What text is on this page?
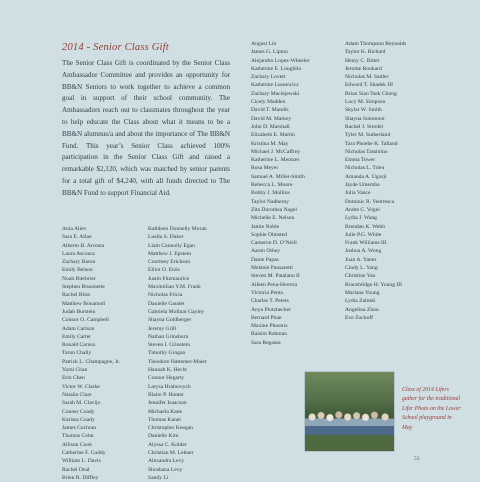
2014 - Senior Class Gift

The Senior Class Gift is coordinated by the Senior Class Ambassador Committee and provides an opportunity for BB&N Seniors to work together to achieve a common goal in support of their school community. The Ambassadors reach out to classmates throughout the year to help educate the Class about what it means to be a BB&N alumnus/a and about the importance of The BB&N Fund. This year’s Senior Class achieved 100% participation in the Senior Class Gift and raised a remarkable $2,120, which was matched by senior parents for a total gift of $4,240, with all funds directed to The BB&N Fund to support Financial Aid.

Ania Aliev
Sara E. Allan
Alberto B. Arcosta
Laura Ascoura
Zachary Baron
Emily Belson
Noah Bierbrier
Stephen Bissonette
Rachel Bliss
Matthew Bonamoli
Judah Burstein
Connor O. Campbell
Adam Carlson
Emily Carter
Ronald Caruso
Tarun Chally
Patrick L. Champagne, Jr.
Yumi Chan
Erin Chen
Victor W. Clarke
Natalia Clare
Sarah M. Clavijo
Conner Coady
Karissa Coady
James Cochran
Thomas Cohn
Allison Cook
Catherine F. Cuddy
William L. Davis
Rachel Deal
Brien R. Diffley
Kathleen Donnelly Moran
Luella S. Duker
Liam Connolly Egan
Matthew J. Epstein
Courtney Erickson
Elliot O. Etzis
Justin Fitzmaurice
Maximilian Y.M. Frank
Nicholas Fricia
Danielle Gaudet
Gabriela Molinar Gayley
Shayna Goldberger
Jeremy Grill
Nathan Grinshorn
Steven I. Grinstein
Timothy Grogan
Theodore Hattemer-Maier
Hannah K. Hecht
Connor Hegarty
Larysa Hrabowych
Blaire P. Hunter
Jennifer Isaacson
Michaela Kane
Thomas Kanel
Christopher Keegan
Danielle Kim
Alyssa C. Kohler
Christian M. Lehner
Alexandra Levy
Shoshana Levy
Sandy Li
August Lin
James G. Lipton
Alejandro Lopez-Wheeler
Katherine E. Loughlin
Zachary Lovett
Katherine Lusnewicz
Zachary Maciejewski
Cicely Madden
David T. Mandis
David M. Markey
John D. Marshall
Elizabeth E. Martin
Kristina M. May
Michael J. McCaffrey
Katherine L. Mentzer
Rosa Meyer
Samuel A. Miller-Smith
Rebecca L. Moore
Bobby J. Mullins
Taylor Nadherny
Zita Dorothea Nagel
Michelle E. Nelson
Jamie Noble
Sophie Olmsted
Cameron D. O’Neill
Aaron Othey
Dante Papas
Melanie Pansaretti
Steven M. Patalano II
Aileen Pena-Herrera
Victoria Penta
Charles T. Peters
Anya Plotzbecker
Bernard Phan
Maxine Phoenix
Raisim Rahman
Sara Regassa
Adam Thompson Reynolds
Taylor K. Richard
Henry C. Ritter
Jerome Rookard
Nicholas M. Sadler
Edward T. Shadek III
Brian Siao Tsek Chong
Lucy M. Simpson
Skylar W. Smith
Shayna Solomont
Rachel J. Strodel
Tyler M. Sutherland
Tara Phoebe K. Talland
Nicholas Tassinino
Emma Tower
Nicholas L. Trieu
Amanda A. Ugorji
Jayde Umemba
Julia Vance
Dominic R. Ventresca
Andre C. Vogel
Lydia J. Wang
Brendan K. Webb
Julie P.G. White
Frank Williams III
Joshua A. Wong
Juan A. Yanes
Cindy L. Yang
Christine Yao
Bracebridge H. Young III
Mariana Young
Lydia Zaleski
Angelina Zhou
Eve Zuckoff
Class of 2014 Lifers gather for the traditional Lifer Photo on the Lower School playground in May
53
